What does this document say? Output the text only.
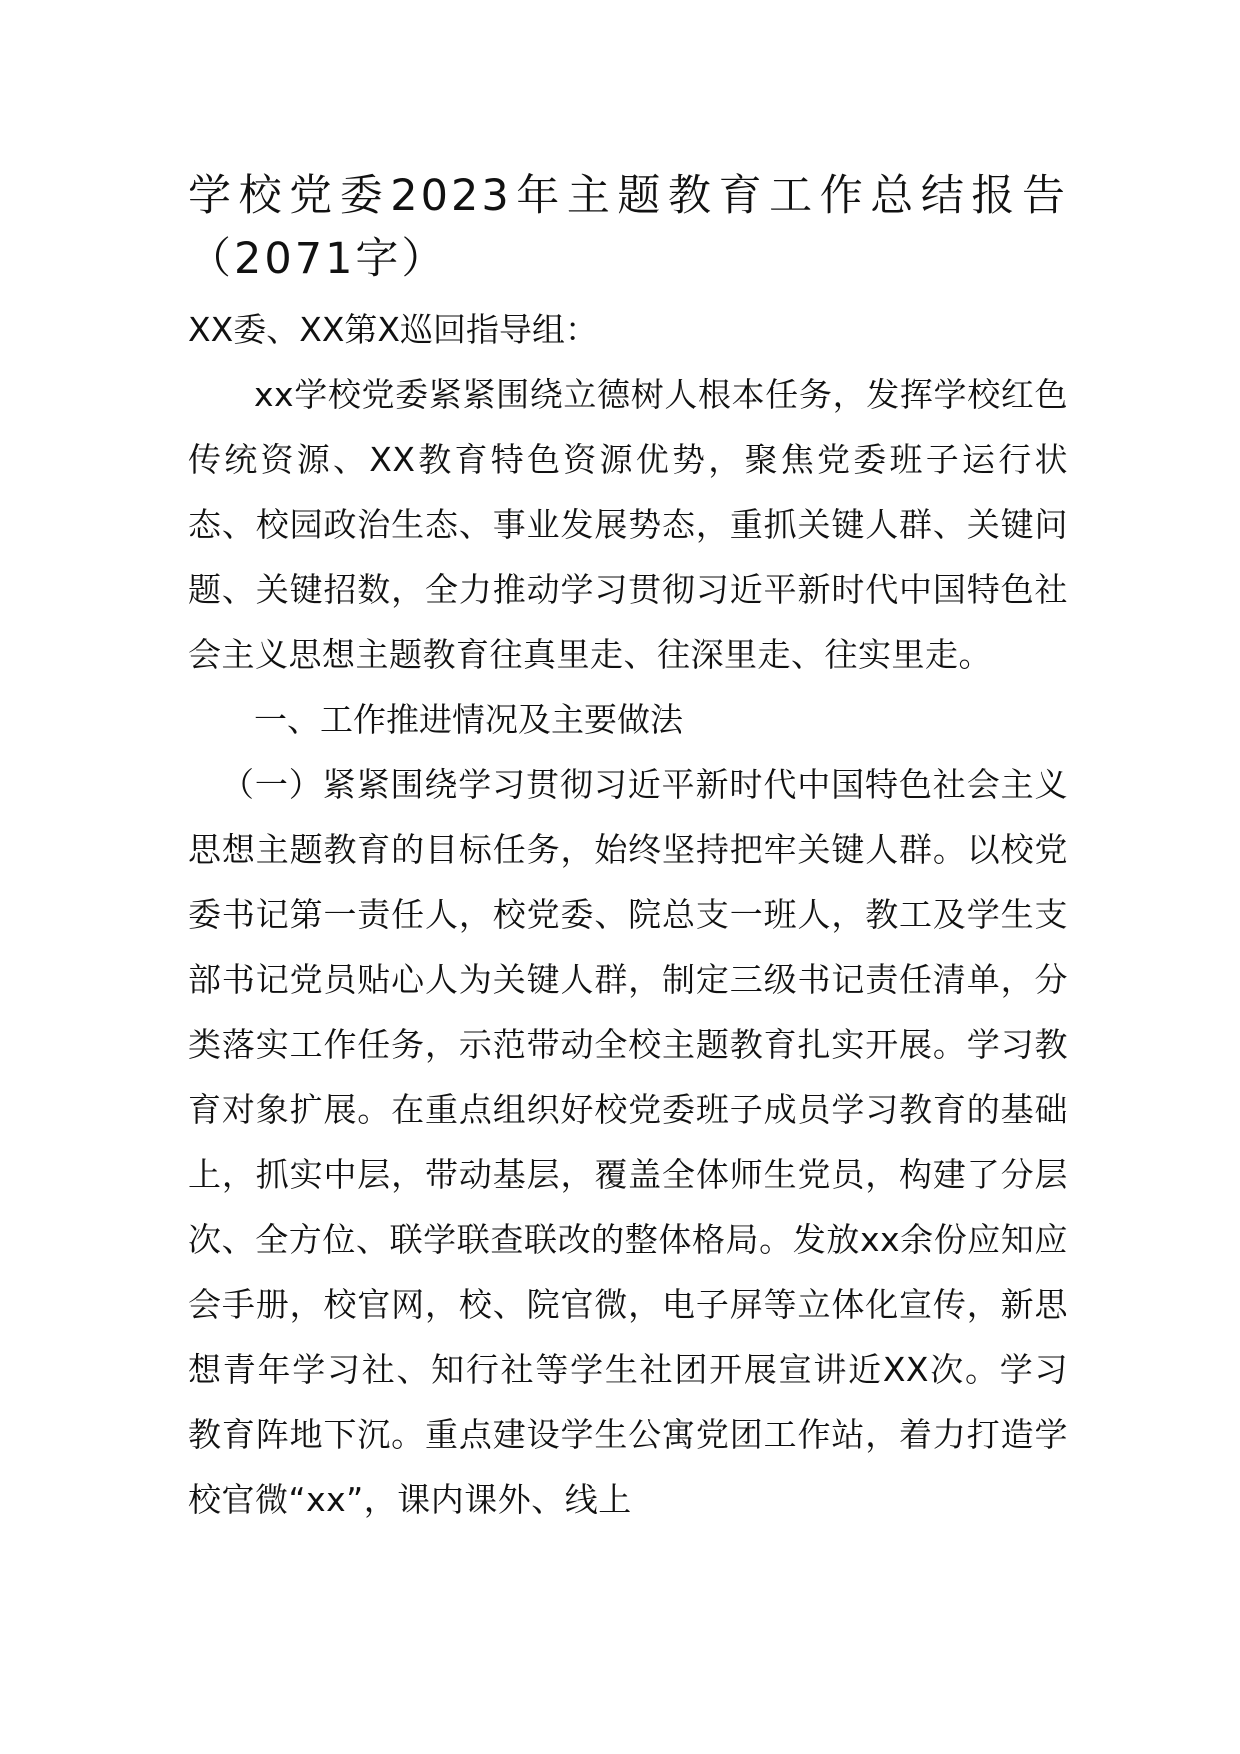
学校党委2023年主题教育工作总结报告（2071字）

XX委、XX第X巡回指导组：

xx学校党委紧紧围绕立德树人根本任务，发挥学校红色传统资源、XX教育特色资源优势，聚焦党委班子运行状态、校园政治生态、事业发展势态，重抓关键人群、关键问题、关键招数，全力推动学习贯彻习近平新时代中国特色社会主义思想主题教育往真里走、往深里走、往实里走。

一、工作推进情况及主要做法

（一）紧紧围绕学习贯彻习近平新时代中国特色社会主义思想主题教育的目标任务，始终坚持把牢关键人群。以校党委书记第一责任人，校党委、院总支一班人，教工及学生支部书记党员贴心人为关键人群，制定三级书记责任清单，分类落实工作任务，示范带动全校主题教育扎实开展。学习教育对象扩展。在重点组织好校党委班子成员学习教育的基础上，抓实中层，带动基层，覆盖全体师生党员，构建了分层次、全方位、联学联查联改的整体格局。发放xx余份应知应会手册，校官网，校、院官微，电子屏等立体化宣传，新思想青年学习社、知行社等学生社团开展宣讲近XX次。学习教育阵地下沉。重点建设学生公寓党团工作站，着力打造学校官微“xx”，课内课外、线上
